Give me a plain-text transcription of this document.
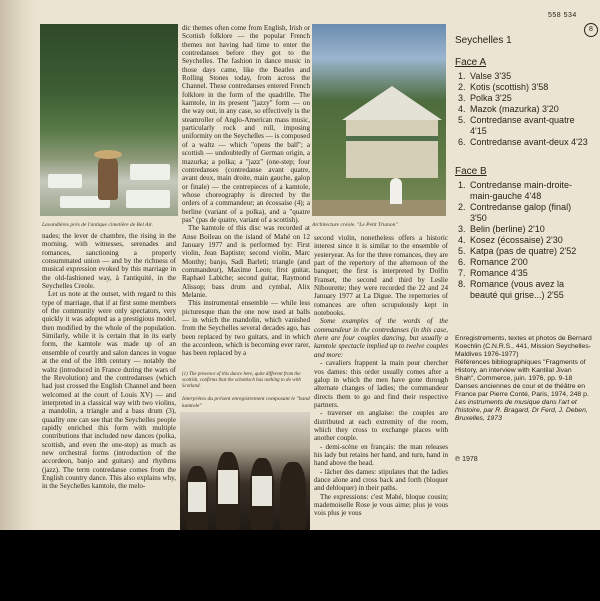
558 534
8
Lavandières près de l'antique cimetière de Bel Air.	Architecture créole. "Le Petit Trianon"

nades; the lever de chambre, the rising in the morning, with witnesses, serenades and romances, sanctioning a properly consummated union — and by the richness of musical expression evoked by this marriage in the old-fashioned way, à l'antiquité, in the Seychelles Creole.

Let us note at the outset, with regard to this type of marriage, that if at first some members of the community were only spectators, very quickly it was adopted as a prestigious model, then modified by the whole of the population. Similarly, while it is certain that in its early form, the kamtole was made up of an ensemble of courtly and salon dances in vogue at the end of the 18th century — notably the waltz (introduced in France during the wars of the Revolution) and the contredanses (which had just crossed the English Channel and been welcomed at the court of Louis XV) — and interpreted in a classical way with two violins, a mandolin, a triangle and a bass drum (3), quaality one can see that the Seychelles people rapidly enriched this form with multiple contributions that included new dances (polka, scottish, and even the one-step) as much as new orchestral forms (introduction of the accordeon, banjo and guitars) and rhythms (jazz). The term contredanse comes from the English country dance. This also explains why, in the Seychelles kamtole, the melo-

dic themes often come from English, Irish or Scottish folklore — the popular French themes not having had time to enter the contredanses before they got to the Seychelles. The fashion in dance music in those days came, like the Beatles and Rolling Stones today, from across the Channel. These contredanses entered French folklore in the form of the quadrille. The kamtole, in its present "jazzy" form — on the way out, in any case, so effectively is the steamroller of Anglo-American mass music, particularly rock and roll, imposing uniformity on the Seychelles — is composed of a waltz — which "opens the ball"; a scottish — undoubtedly of German origin, a mazurka; a polka; a "jazz" (one-step; four contredanses (contredanse avant quatre, avant deux, main droite, main gauche, galop or finale) — the centrepieces of a kamtole, whose choreography is directed by the orders of a commandeur; an écossaise (4); a berline (variant of a polka), and a "quatre pas" (pas de quatre, variant of a scottish).

The kamtole of this disc was recorded at Anse Boileau on the island of Mahé on 12 January 1977 and is performed by: First violin, Jean Baptiste; second violin, Marc Monthy; banjo, Sadi Barleti; triangle (and commandeur), Maxime Leon; first guitar, Raphael Labiche; second guitar, Raymond Alissop; bass drum and cymbal, Alix Melanie.

This instrumental ensemble — while less picturesque than the one now used at balls — in which the mandolin, which vanished from the Seychelles several decades ago, has been replaced by two guitars, and in which the accordeon, which is becoming ever rarer, has been replaced by a

(1) The presence of this dance here, quite different from the scottish, confirms that the schottisch has nothing to do with Scotland.
Interprètes du présent enregistrement composant le "band kamtole"

second violin, nonetheless offers a historic interest since it is similar to the ensemble of yesteryear. As for the three romances, they are part of the repertory of the afternoon of the banquet; the first is interpreted by Dolfin Franset, the second and third by Leslie Nibourette; they were recorded the 22 and 24 January 1977 at La Digue. The repertories of romances are often scrupulously kept in notebooks.

Some examples of the words of the commandeur in the contredanses (in this case, there are four couples dancing, but usually a kamtole spectacle implied up to twelve couples and more:

- cavaliers frappent la main pour chercher vos dames: this order usually comes after a galop in which the men have gone through alternate changes of ladies; the commandeur directs them to go and find their respective partners.

- traverser en anglaise: the couples are distributed at each extremity of the room, which they cross to exchange places with another couple.

- demi-scène en français: the man releases his lady but retains her hand, and turn, hand in hand above the head.

- lâcher des dames: stipulates that the ladies dance alone and cross back and forth (bloquer and debloquer) in their paths.

The expressions: c'est Mahé, bloque cousin; mademoiselle Rose je vous aime; plus je vous vois plus je vous

Seychelles 1
Face A
1. Valse 3'35
2. Kotis (scottish) 3'58
3. Polka 3'25
4. Mazok (mazurka) 3'20
5. Contredanse avant-quatre 4'15
6. Contredanse avant-deux 4'23
Face B
1. Contredanse main-droite-main-gauche 4'48
2. Contredanse galop (final) 3'50
3. Belin (berline) 2'10
4. Kosez (écossaise) 2'30
5. Katpa (pas de quatre) 2'52
6. Romance 2'00
7. Romance 4'35
8. Romance (vous avez la beauté qui grise...) 2'55

Enregistrements, textes et photos de Bernard Koechlin (C.N.R.S., 441, Mission Seychelles-Maldives 1976-1977)

Références bibliographiques "Fragments of History, an interview with Kantilal Jivan Shah", Commerce, juin. 1976, pp. 9-18

Danses anciennes de cour et de théâtre en France par Pierre Conté, Paris, 1974, 248 p.

Les instruments de musique dans l'art et l'histoire, par R. Bragard, Dr Ferd, J. Deben, Bruxelles, 1973

℗ 1978
